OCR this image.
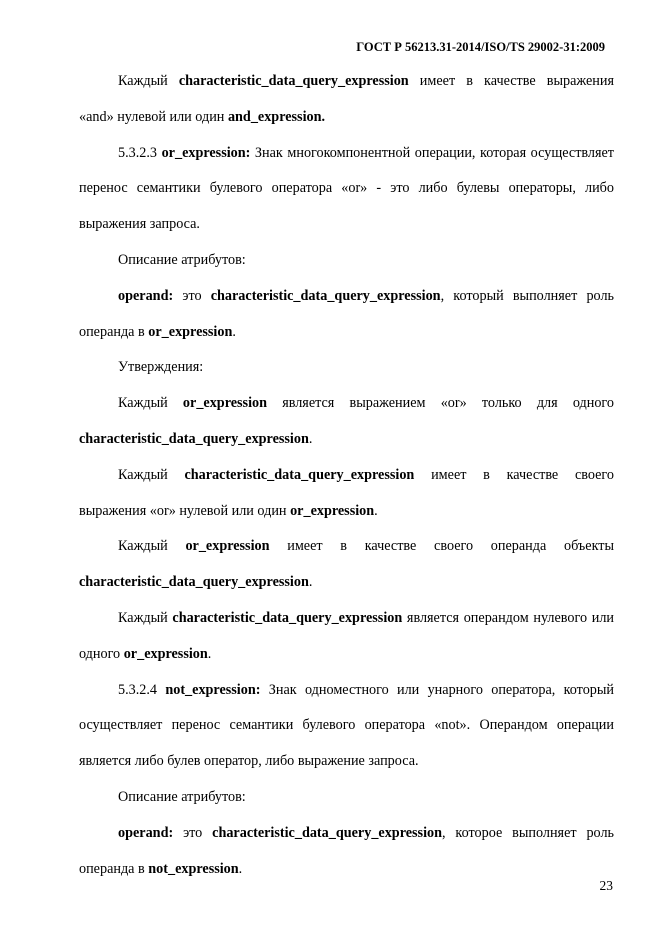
ГОСТ Р 56213.31-2014/ISO/TS 29002-31:2009

Каждый characteristic_data_query_expression имеет в качестве выражения «and» нулевой или один and_expression.

5.3.2.3 or_expression: Знак многокомпонентной операции, которая осуществляет перенос семантики булевого оператора «or» - это либо булевы операторы, либо выражения запроса.

Описание атрибутов:

operand: это characteristic_data_query_expression, который выполняет роль операнда в or_expression.

Утверждения:

Каждый or_expression является выражением «or» только для одного characteristic_data_query_expression.

Каждый characteristic_data_query_expression имеет в качестве своего выражения «or» нулевой или один or_expression.

Каждый or_expression имеет в качестве своего операнда объекты characteristic_data_query_expression.

Каждый characteristic_data_query_expression является операндом нулевого или одного or_expression.

5.3.2.4 not_expression: Знак одноместного или унарного оператора, который осуществляет перенос семантики булевого оператора «not». Операндом операции является либо булев оператор, либо выражение запроса.

Описание атрибутов:

operand: это characteristic_data_query_expression, которое выполняет роль операнда в not_expression.

23
